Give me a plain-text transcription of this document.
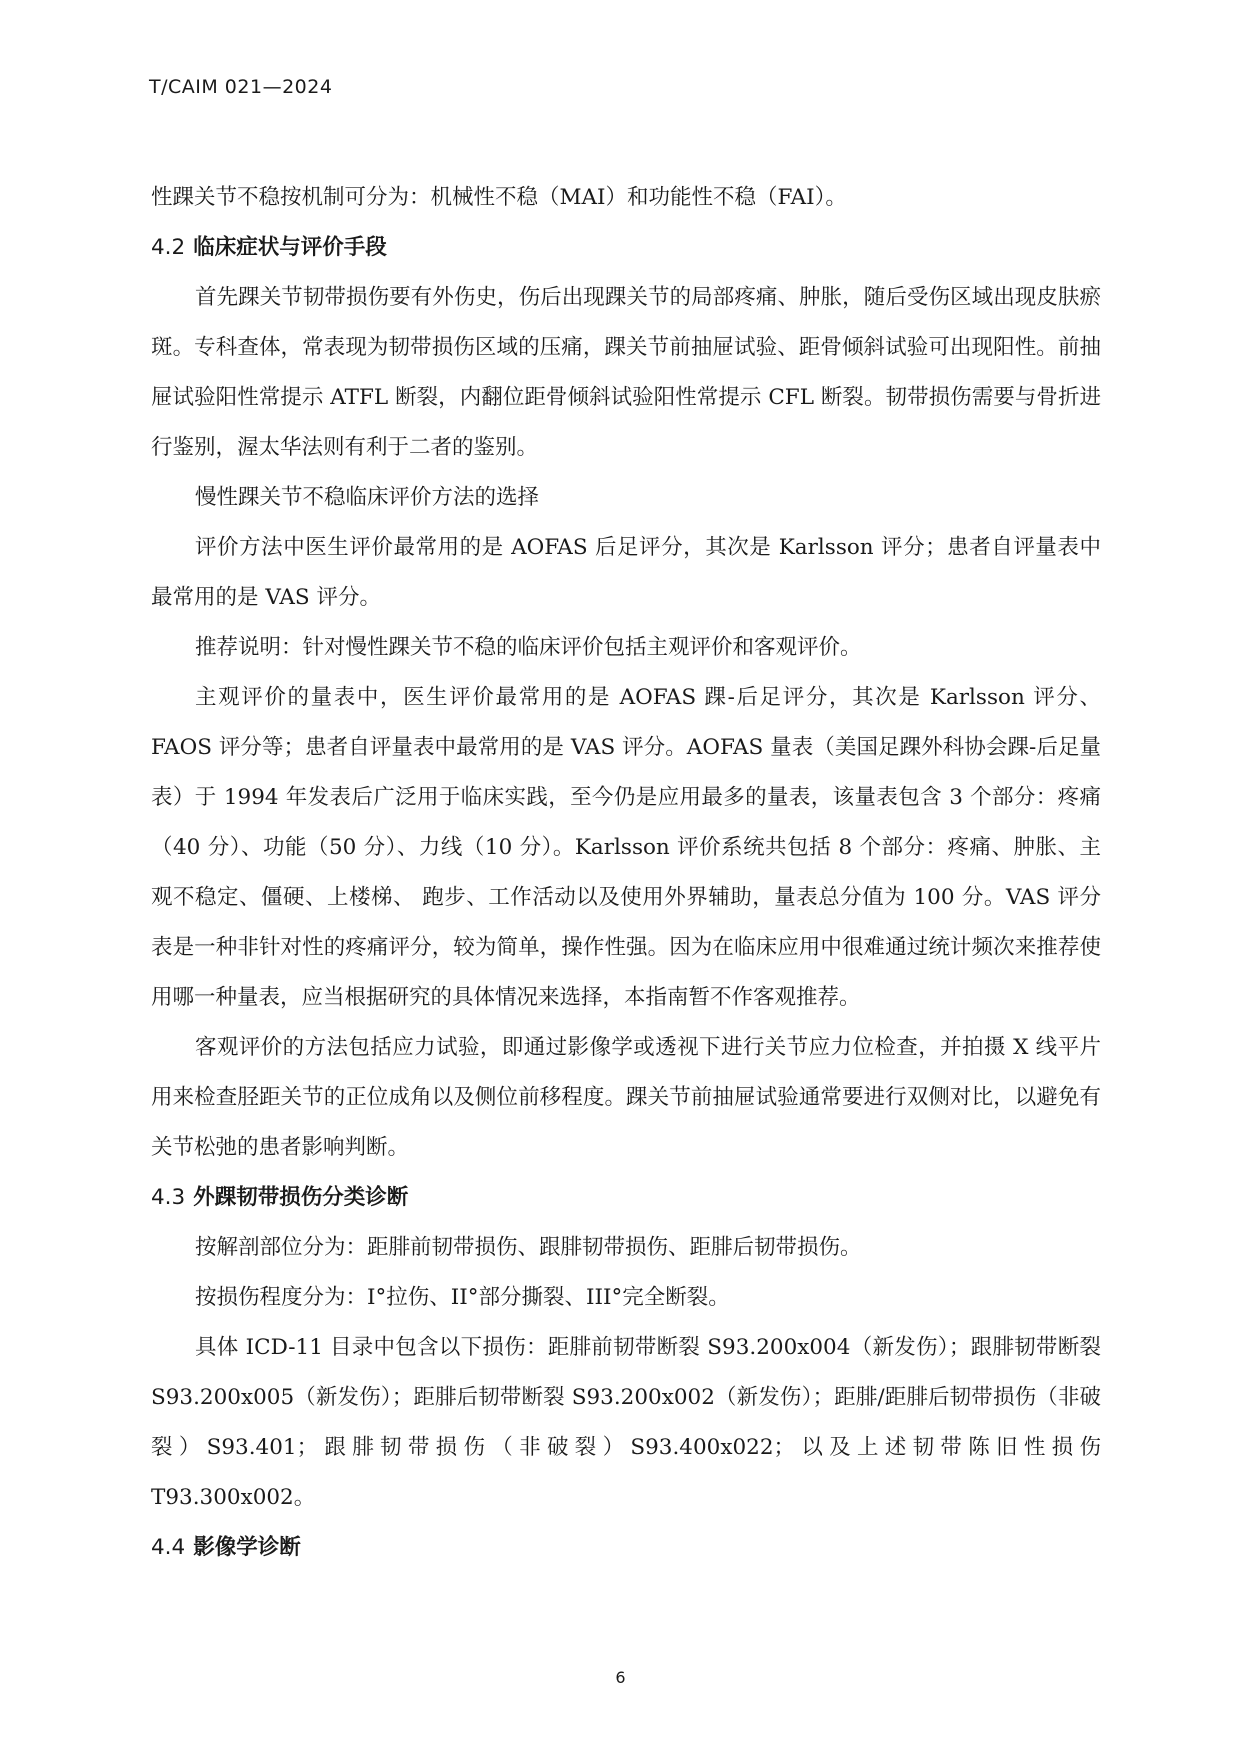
T/CAIM 021—2024

性踝关节不稳按机制可分为：机械性不稳（MAI）和功能性不稳（FAI）。

4.2 临床症状与评价手段

首先踝关节韧带损伤要有外伤史，伤后出现踝关节的局部疼痛、肿胀，随后受伤区域出现皮肤瘀斑。专科查体，常表现为韧带损伤区域的压痛，踝关节前抽屉试验、距骨倾斜试验可出现阳性。前抽屉试验阳性常提示 ATFL 断裂，内翻位距骨倾斜试验阳性常提示 CFL 断裂。韧带损伤需要与骨折进行鉴别，渥太华法则有利于二者的鉴别。

慢性踝关节不稳临床评价方法的选择

评价方法中医生评价最常用的是 AOFAS 后足评分，其次是 Karlsson 评分；患者自评量表中最常用的是 VAS 评分。

推荐说明：针对慢性踝关节不稳的临床评价包括主观评价和客观评价。

主观评价的量表中，医生评价最常用的是 AOFAS 踝-后足评分，其次是 Karlsson 评分、FAOS 评分等；患者自评量表中最常用的是 VAS 评分。AOFAS 量表（美国足踝外科协会踝-后足量表）于 1994 年发表后广泛用于临床实践，至今仍是应用最多的量表，该量表包含 3 个部分：疼痛（40 分）、功能（50 分）、力线（10 分）。Karlsson 评价系统共包括 8 个部分：疼痛、肿胀、主观不稳定、僵硬、上楼梯、 跑步、工作活动以及使用外界辅助，量表总分值为 100 分。VAS 评分表是一种非针对性的疼痛评分，较为简单，操作性强。因为在临床应用中很难通过统计频次来推荐使用哪一种量表，应当根据研究的具体情况来选择，本指南暂不作客观推荐。

客观评价的方法包括应力试验，即通过影像学或透视下进行关节应力位检查，并拍摄 X 线平片用来检查胫距关节的正位成角以及侧位前移程度。踝关节前抽屉试验通常要进行双侧对比，以避免有关节松弛的患者影响判断。

4.3 外踝韧带损伤分类诊断

按解剖部位分为：距腓前韧带损伤、跟腓韧带损伤、距腓后韧带损伤。

按损伤程度分为：I°拉伤、II°部分撕裂、III°完全断裂。

具体 ICD-11 目录中包含以下损伤：距腓前韧带断裂 S93.200x004（新发伤）；跟腓韧带断裂 S93.200x005（新发伤）；距腓后韧带断裂 S93.200x002（新发伤）；距腓/距腓后韧带损伤（非破裂）S93.401；跟腓韧带损伤（非破裂）S93.400x022；以及上述韧带陈旧性损伤 T93.300x002。

4.4 影像学诊断
6
